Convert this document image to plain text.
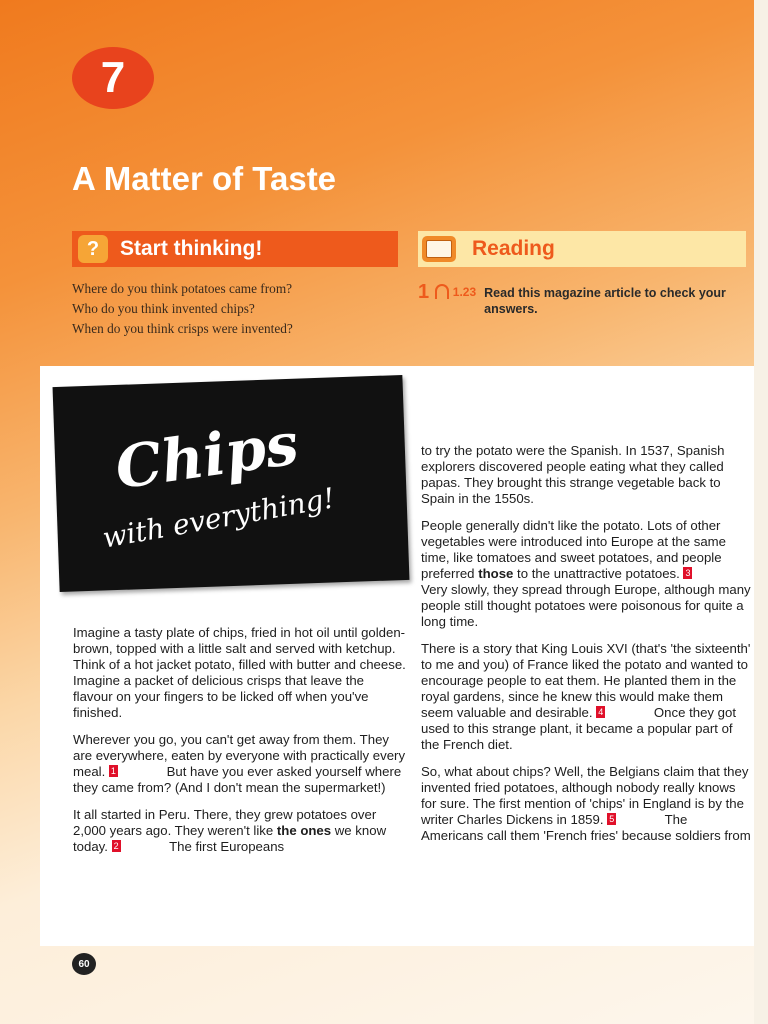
7
A Matter of Taste
? Start thinking!
Where do you think potatoes came from?
Who do you think invented chips?
When do you think crisps were invented?
Reading
1 1.23 Read this magazine article to check your answers.
Chips
with everything!

Imagine a tasty plate of chips, fried in hot oil until golden-brown, topped with a little salt and served with ketchup. Think of a hot jacket potato, filled with butter and cheese. Imagine a packet of delicious crisps that leave the flavour on your fingers to be licked off when you've finished.

Wherever you go, you can't get away from them. They are everywhere, eaten by everyone with practically every meal. 1	But have you ever asked yourself where they came from? (And I don't mean the supermarket!)

It all started in Peru. There, they grew potatoes over 2,000 years ago. They weren't like the ones we know today. 2	The first Europeans

to try the potato were the Spanish. In 1537, Spanish explorers discovered people eating what they called papas. They brought this strange vegetable back to Spain in the 1550s.

People generally didn't like the potato. Lots of other vegetables were introduced into Europe at the same time, like tomatoes and sweet potatoes, and people preferred those to the unattractive potatoes. 3 Very slowly, they spread through Europe, although many people still thought potatoes were poisonous for quite a long time.

There is a story that King Louis XVI (that's 'the sixteenth' to me and you) of France liked the potato and wanted to encourage people to eat them. He planted them in the royal gardens, since he knew this would make them seem valuable and desirable. 4	Once they got used to this strange plant, it became a popular part of the French diet.

So, what about chips? Well, the Belgians claim that they invented fried potatoes, although nobody really knows for sure. The first mention of 'chips' in England is by the writer Charles Dickens in 1859. 5	The Americans call them 'French fries' because soldiers from

60
